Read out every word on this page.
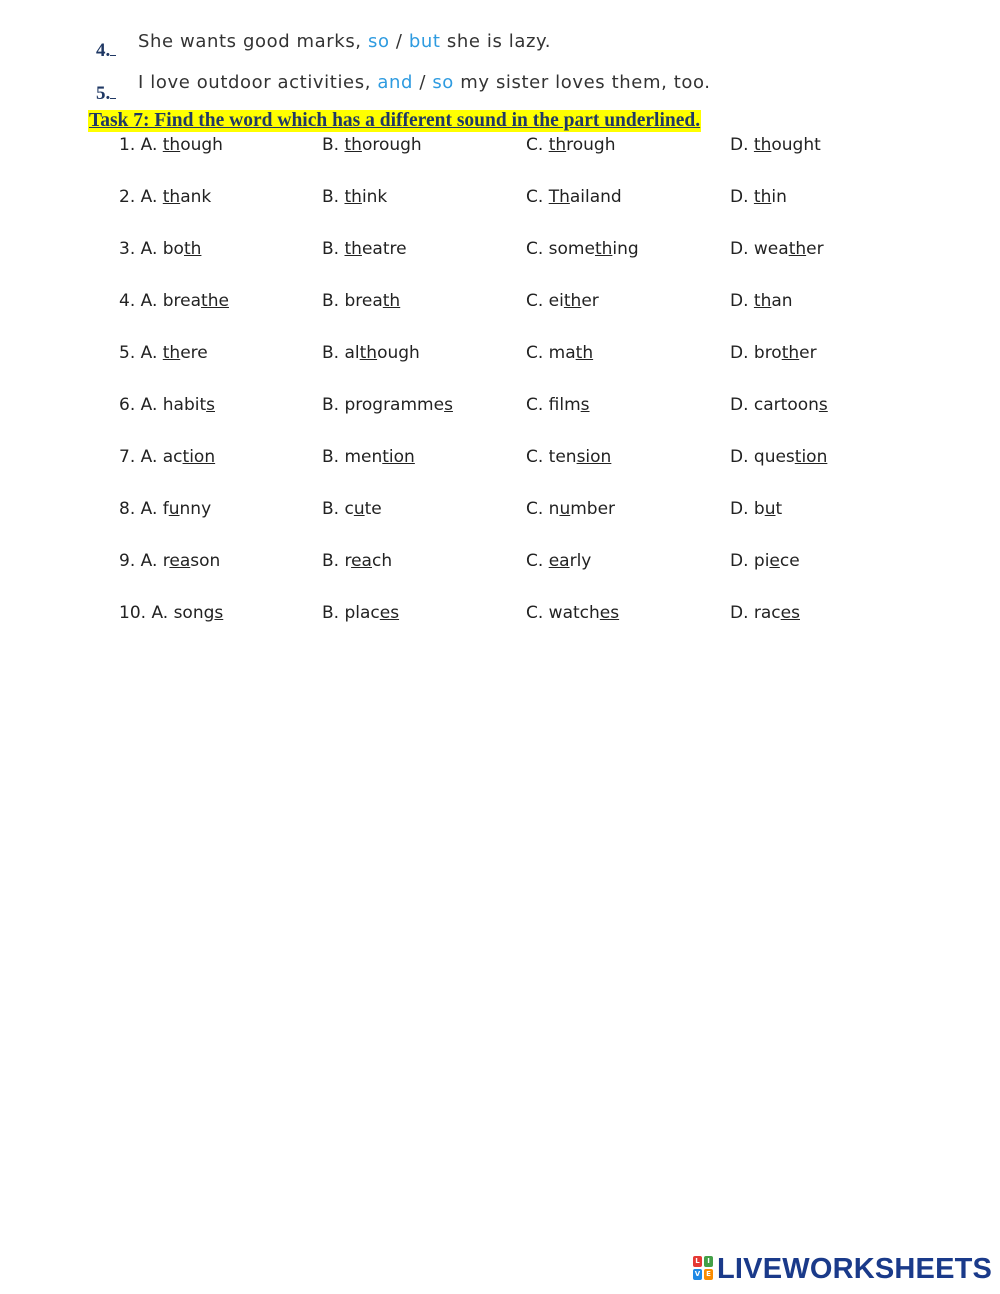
4.	She wants good marks, so / but she is lazy.
5.
I love outdoor activities, and / so my sister loves them, too.
Task 7: Find the word which has a different sound in the part underlined.
1. A. though	B. thorough	C. through	D. thought
2. A. thank	B. think	C. Thailand	D. thin
3. A. both	B. theatre	C. something	D. weather
4. A. breathe	B. breath	C. either	D. than
5. A. there	B. although	C. math	D. brother
6. A. habits	B. programmes	C. films	D. cartoons
7. A. action	B. mention	C. tension	D. question
8. A. funny	B. cute	C. number	D. but
9. A. reason	B. reach	C. early	D. piece
10. A. songs	B. places	C. watches	D. races
L	I
V E LIVEWORKSHEETS
